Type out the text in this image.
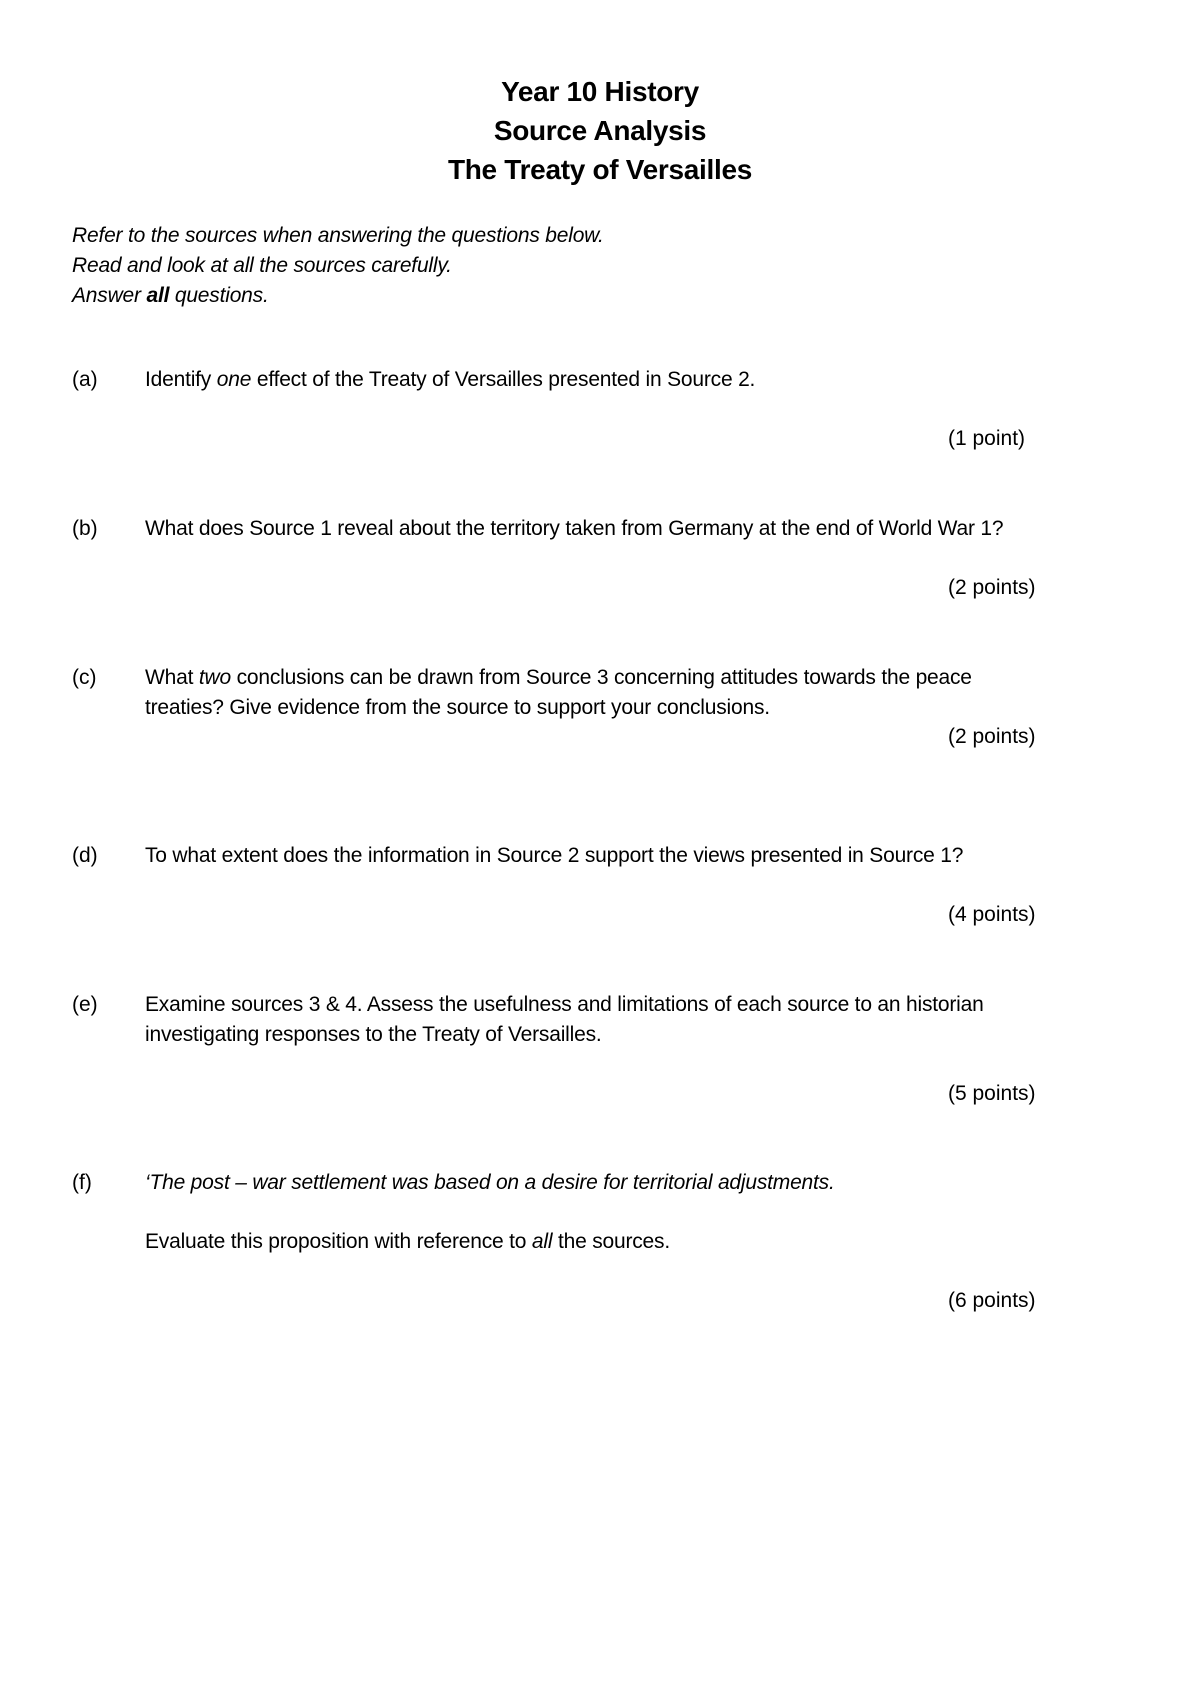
Year 10 History
Source Analysis
The Treaty of Versailles
Refer to the sources when answering the questions below.
Read and look at all the sources carefully.
Answer all questions.
(a) Identify one effect of the Treaty of Versailles presented in Source 2.
(1 point)
(b) What does Source 1 reveal about the territory taken from Germany at the end of World War 1?
(2 points)
(c) What two conclusions can be drawn from Source 3 concerning attitudes towards the peace
treaties? Give evidence from the source to support your conclusions.
(2 points)
(d) To what extent does the information in Source 2 support the views presented in Source 1?
(4 points)
(e) Examine sources 3 & 4. Assess the usefulness and limitations of each source to an historian
investigating responses to the Treaty of Versailles.
(5 points)
(f)	‘The post – war settlement was based on a desire for territorial adjustments.
Evaluate this proposition with reference to all the sources.
(6 points)
